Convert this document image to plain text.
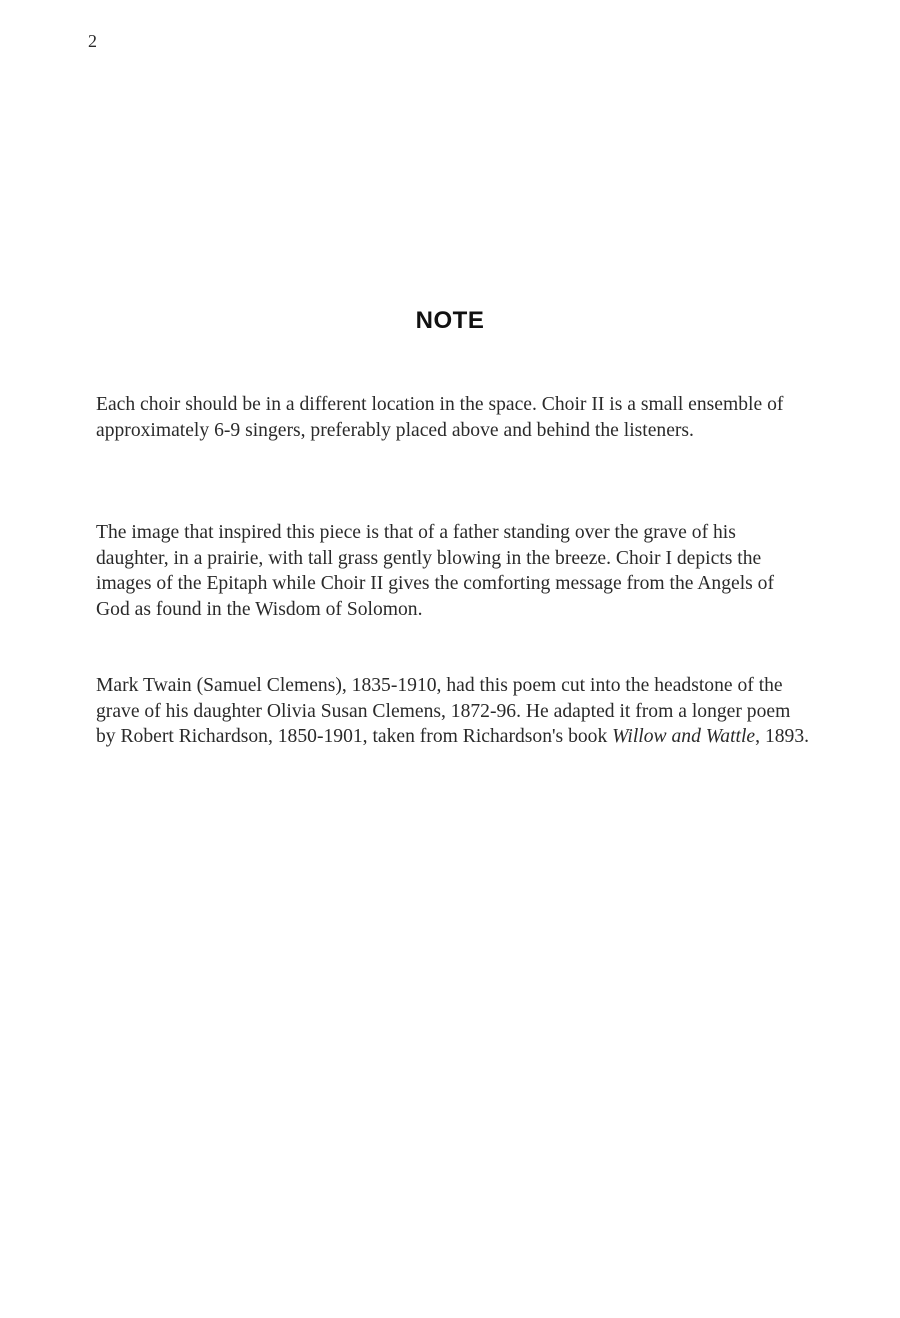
2
NOTE

Each choir should be in a different location in the space. Choir II is a small ensemble of approximately 6-9 singers, preferably placed above and behind the listeners.

The image that inspired this piece is that of a father standing over the grave of his daughter, in a prairie, with tall grass gently blowing in the breeze. Choir I depicts the images of the Epitaph while Choir II gives the comforting message from the Angels of God as found in the Wisdom of Solomon.

Mark Twain (Samuel Clemens), 1835-1910, had this poem cut into the headstone of the grave of his daughter Olivia Susan Clemens, 1872-96. He adapted it from a longer poem by Robert Richardson, 1850-1901, taken from Richardson's book Willow and Wattle, 1893.
